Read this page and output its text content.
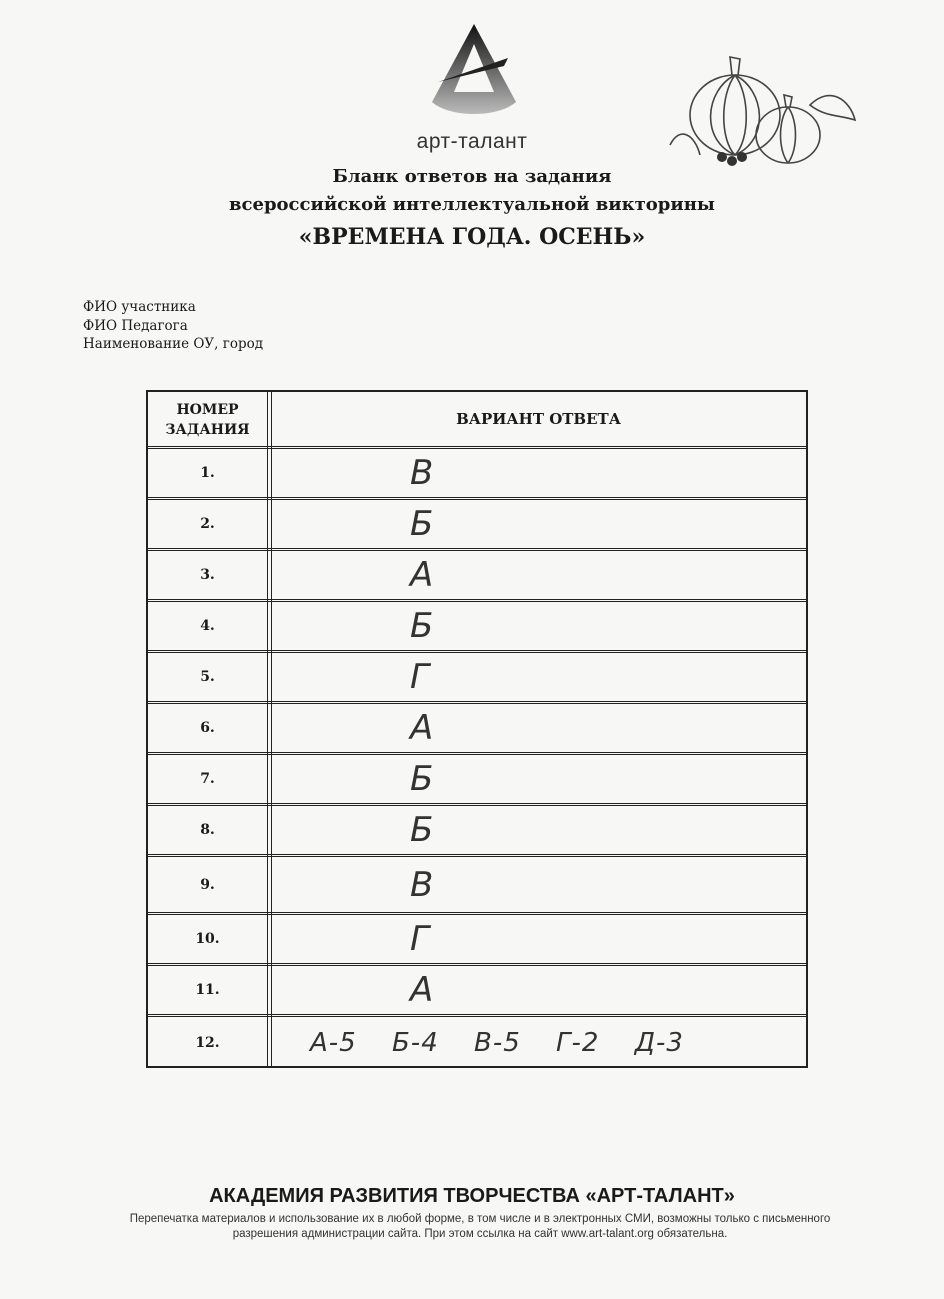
арт-талант
Бланк ответов на задания
всероссийской интеллектуальной викторины
«ВРЕМЕНА ГОДА. ОСЕНЬ»
ФИО участника
ФИО Педагога
Наименование ОУ, город
НОМЕР ЗАДАНИЯ
ВАРИАНТ ОТВЕТА
1.	В
2.	Б
3.	А
4.	Б
5.	Г
6.	А
7.	Б
8.	Б
9.	В
10.	Г
11.	А
12.	А-5 Б-4 В-5 Г-2 Д-3
АКАДЕМИЯ РАЗВИТИЯ ТВОРЧЕСТВА «АРТ-ТАЛАНТ»
Перепечатка материалов и использование их в любой форме, в том числе и в электронных СМИ, возможны только с письменного разрешения администрации сайта. При этом ссылка на сайт www.art-talant.org обязательна.
